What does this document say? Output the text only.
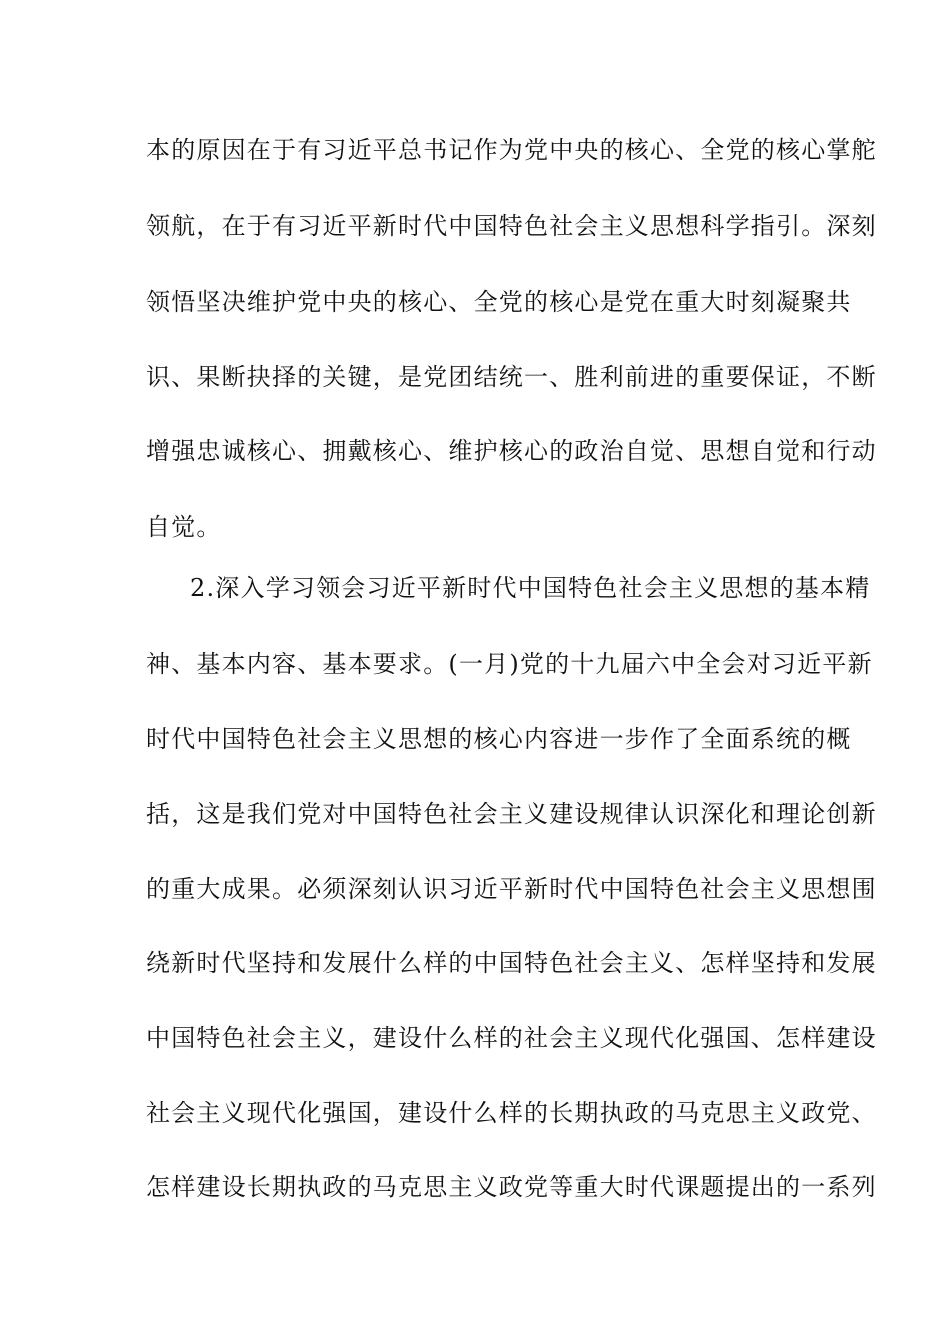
本的原因在于有习近平总书记作为党中央的核心、全党的核心掌舵
领航，在于有习近平新时代中国特色社会主义思想科学指引。深刻
领悟坚决维护党中央的核心、全党的核心是党在重大时刻凝聚共
识、果断抉择的关键，是党团结统一、胜利前进的重要保证，不断
增强忠诚核心、拥戴核心、维护核心的政治自觉、思想自觉和行动
自觉。
2.深入学习领会习近平新时代中国特色社会主义思想的基本精
神、基本内容、基本要求。(一月)党的十九届六中全会对习近平新
时代中国特色社会主义思想的核心内容进一步作了全面系统的概
括，这是我们党对中国特色社会主义建设规律认识深化和理论创新
的重大成果。必须深刻认识习近平新时代中国特色社会主义思想围
绕新时代坚持和发展什么样的中国特色社会主义、怎样坚持和发展
中国特色社会主义，建设什么样的社会主义现代化强国、怎样建设
社会主义现代化强国，建设什么样的长期执政的马克思主义政党、
怎样建设长期执政的马克思主义政党等重大时代课题提出的一系列
